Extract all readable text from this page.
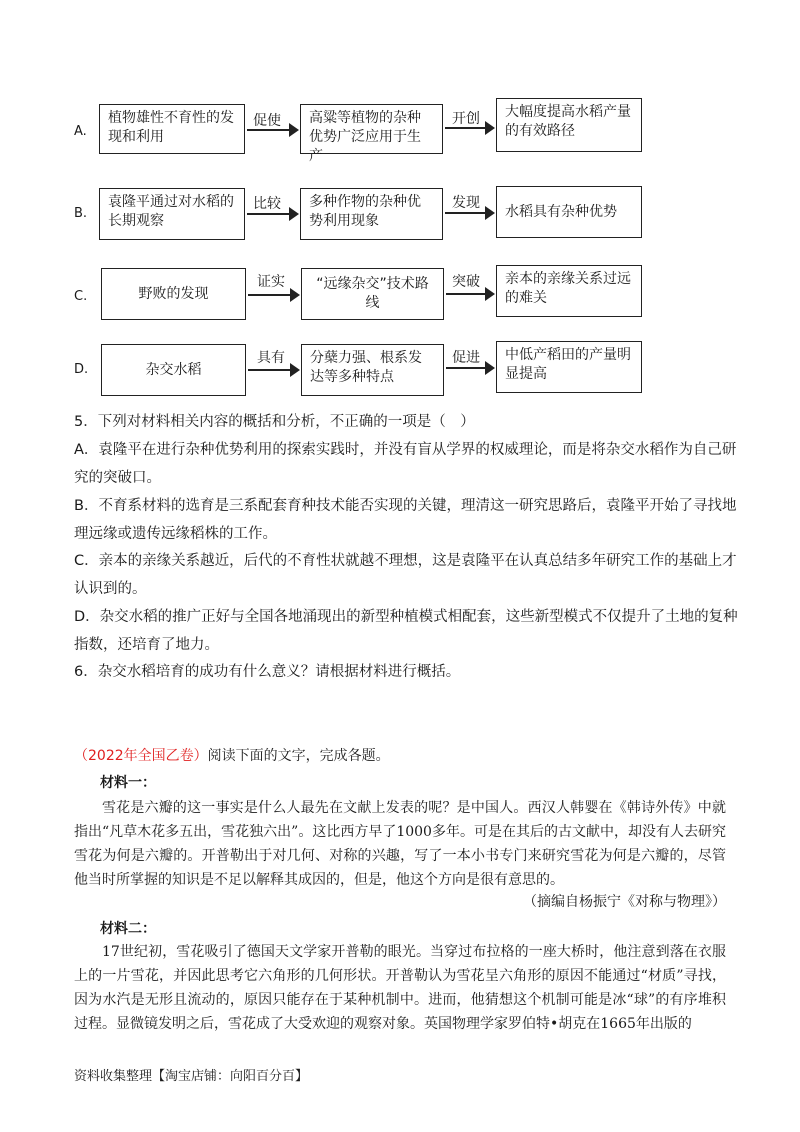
A.
植物雄性不育性的发现和利用
促使	高粱等植物的杂种优势广泛应用于生产
开创	大幅度提高水稻产量的有效路径
B.
袁隆平通过对水稻的长期观察
比较	多种作物的杂种优势利用现象
发现
水稻具有杂种优势
C.	野败的发现
证实	“远缘杂交”技术路线
突破	亲本的亲缘关系过远的难关
D.	杂交水稻
具有	分蘖力强、根系发达等多种特点
促进	中低产稻田的产量明显提高
5．下列对材料相关内容的概括和分析，不正确的一项是（　）
A．袁隆平在进行杂种优势利用的探索实践时，并没有盲从学界的权威理论，而是将杂交水稻作为自己研
究的突破口。
B．不育系材料的选育是三系配套育种技术能否实现的关键，理清这一研究思路后，袁隆平开始了寻找地
理远缘或遗传远缘稻株的工作。
C．亲本的亲缘关系越近，后代的不育性状就越不理想，这是袁隆平在认真总结多年研究工作的基础上才
认识到的。
D．杂交水稻的推广正好与全国各地涌现出的新型种植模式相配套，这些新型模式不仅提升了土地的复种
指数，还培育了地力。
6．杂交水稻培育的成功有什么意义？请根据材料进行概括。
（2022年全国乙卷）阅读下面的文字，完成各题。
材料一：

雪花是六瓣的这一事实是什么人最先在文献上发表的呢？是中国人。西汉人韩婴在《韩诗外传》中就指出“凡草木花多五出，雪花独六出”。这比西方早了1000多年。可是在其后的古文献中，却没有人去研究雪花为何是六瓣的。开普勒出于对几何、对称的兴趣，写了一本小书专门来研究雪花为何是六瓣的，尽管他当时所掌握的知识是不足以解释其成因的，但是，他这个方向是很有意思的。

（摘编自杨振宁《对称与物理》）
材料二：

17世纪初，雪花吸引了德国天文学家开普勒的眼光。当穿过布拉格的一座大桥时，他注意到落在衣服上的一片雪花，并因此思考它六角形的几何形状。开普勒认为雪花呈六角形的原因不能通过“材质”寻找，因为水汽是无形且流动的，原因只能存在于某种机制中。进而，他猜想这个机制可能是冰“球”的有序堆积过程。显微镜发明之后，雪花成了大受欢迎的观察对象。英国物理学家罗伯特•胡克在1665年出版的

资料收集整理【淘宝店铺：向阳百分百】
